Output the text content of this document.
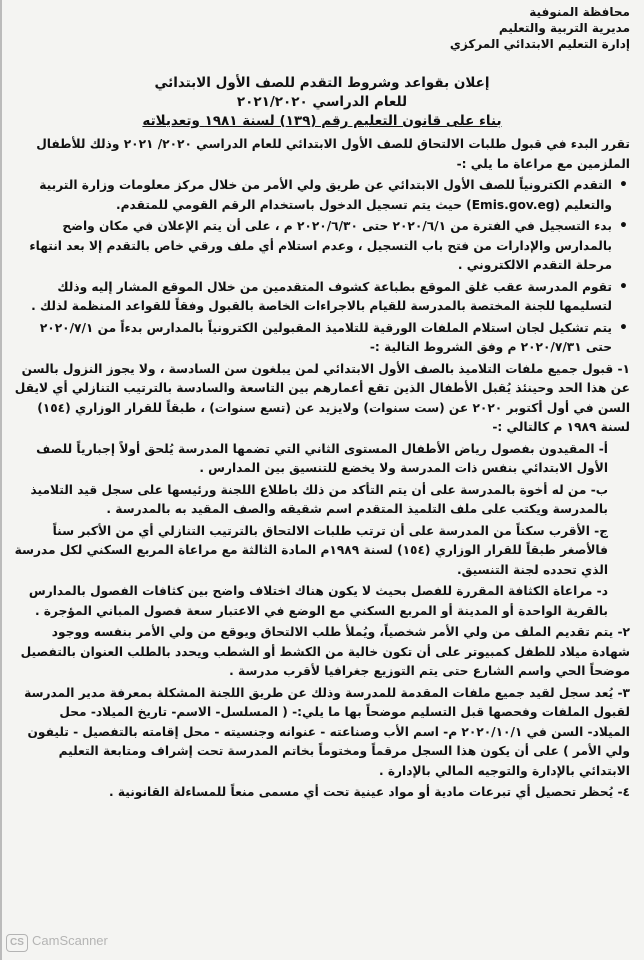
محافظة المنوفية
مديرية التربية والتعليم
إدارة التعليم الابتدائي المركزي
إعلان بقواعد وشروط التقدم للصف الأول الابتدائي
للعام الدراسي ٢٠٢١/٢٠٢٠
بناء على قانون التعليم رقم (١٣٩) لسنة ١٩٨١ وتعديلاته

تقرر البدء في قبول طلبات الالتحاق للصف الأول الابتدائي للعام الدراسي ٢٠٢٠/ ٢٠٢١ وذلك للأطفال الملزمين مع مراعاة ما يلي :-

• التقدم الكترونياً للصف الأول الابتدائي عن طريق ولي الأمر من خلال مركز معلومات وزارة التربية والتعليم (Emis.gov.eg) حيث يتم تسجيل الدخول باستخدام الرقم القومي للمتقدم.

• بدء التسجيل في الفترة من ٢٠٢٠/٦/١ حتى ٢٠٢٠/٦/٣٠ م ، على أن يتم الإعلان في مكان واضح بالمدارس والإدارات من فتح باب التسجيل ، وعدم استلام أي ملف ورقي خاص بالتقدم إلا بعد انتهاء مرحلة التقدم الالكتروني .

• تقوم المدرسة عقب غلق الموقع بطباعة كشوف المتقدمين من خلال الموقع المشار إليه وذلك لتسليمها للجنة المختصة بالمدرسة للقيام بالاجراءات الخاصة بالقبول وفقاً للقواعد المنظمة لذلك .

• يتم تشكيل لجان استلام الملفات الورقية للتلاميذ المقبولين الكترونياً بالمدارس بدءاً من ٢٠٢٠/٧/١ حتى ٢٠٢٠/٧/٣١ م وفق الشروط التالية :-

١- قبول جميع ملفات التلاميذ بالصف الأول الابتدائي لمن يبلغون سن السادسة ، ولا يجوز النزول بالسن عن هذا الحد وحينئذ يُقبل الأطفال الذين تقع أعمارهم بين التاسعة والسادسة بالترتيب التنازلي أي لايقل السن في أول أكتوبر ٢٠٢٠ عن (ست سنوات) ولايزيد عن (تسع سنوات) ، طبقاً للقرار الوزاري (١٥٤) لسنة ١٩٨٩ م كالتالي :-

أ- المقيدون بفصول رياض الأطفال المستوى الثاني التي تضمها المدرسة يُلحق أولاً إجبارياً للصف الأول الابتدائي بنفس ذات المدرسة ولا يخضع للتنسيق بين المدارس .

ب- من له أخوة بالمدرسة على أن يتم التأكد من ذلك باطلاع اللجنة ورئيسها على سجل قيد التلاميذ بالمدرسة ويكتب على ملف التلميذ المتقدم اسم شقيقه والصف المقيد به بالمدرسة .

ج- الأقرب سكناً من المدرسة على أن ترتب طلبات الالتحاق بالترتيب التنازلي أي من الأكبر سناً فالأصغر طبقاً للقرار الوزاري (١٥٤) لسنة ١٩٨٩م المادة الثالثة مع مراعاة المربع السكني لكل مدرسة الذي تحدده لجنة التنسيق.

د- مراعاة الكثافة المقررة للفصل بحيث لا يكون هناك اختلاف واضح بين كثافات الفصول بالمدارس بالقرية الواحدة أو المدينة أو المربع السكني مع الوضع في الاعتبار سعة فصول المباني المؤجرة .

٢- يتم تقديم الملف من ولي الأمر شخصياً، ويُملأ طلب الالتحاق ويوقع من ولي الأمر بنفسه ووجود شهادة ميلاد للطفل كمبيوتر على أن تكون خالية من الكشط أو الشطب ويحدد بالطلب العنوان بالتفصيل موضحاً الحي واسم الشارع حتى يتم التوزيع جغرافيا لأقرب مدرسة .

٣- يُعد سجل لقيد جميع ملفات المقدمة للمدرسة وذلك عن طريق اللجنة المشكلة بمعرفة مدير المدرسة لقبول الملفات وفحصها قبل التسليم موضحاً بها ما يلي:- ( المسلسل- الاسم- تاريخ الميلاد- محل الميلاد- السن في ٢٠٢٠/١٠/١ م- اسم الأب وصناعته - عنوانه وجنسيته - محل إقامته بالتفصيل - تليفون ولي الأمر ) على أن يكون هذا السجل مرقماً ومختوماً بخاتم المدرسة تحت إشراف ومتابعة التعليم الابتدائي بالإدارة والتوجيه المالي بالإدارة .

٤- يُحظر تحصيل أي تبرعات مادية أو مواد عينية تحت أي مسمى منعاً للمساءلة القانونية .

CS CamScanner
